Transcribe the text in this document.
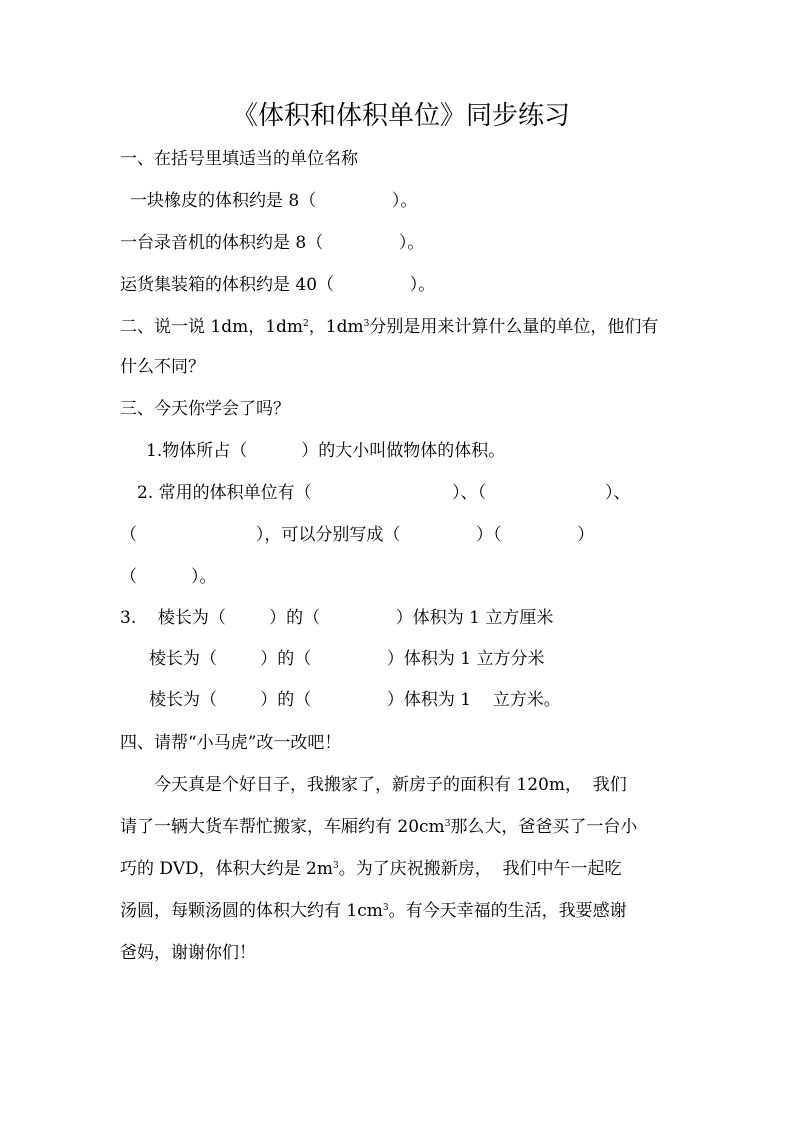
《体积和体积单位》同步练习
一、在括号里填适当的单位名称
一块橡皮的体积约是 8（              ）。
一台录音机的体积约是 8（              ）。
运货集装箱的体积约是 40（              ）。
二、说一说 1dm，$1dm^2$，$1dm^3$分别是用来计算什么量的单位，他们有
什么不同？
三、今天你学会了吗？
1.物体所占（          ）的大小叫做物体的体积。
2. 常用的体积单位有（                          ）、（                      ）、
（                      ），可以分别写成（              ）（              ）
（          ）。
3.    棱长为（        ）的（              ）体积为 1 立方厘米
棱长为（        ）的（              ）体积为 1 立方分米
棱长为（        ）的（              ）体积为 1    立方米。
四、请帮“小马虎”改一改吧！
今天真是个好日子，我搬家了，新房子的面积有 120m，  我们
请了一辆大货车帮忙搬家，车厢约有 $20cm^3$那么大，爸爸买了一台小
巧的 DVD，体积大约是 $2m^3$。为了庆祝搬新房，  我们中午一起吃
汤圆，每颗汤圆的体积大约有 $1cm^3$。有今天幸福的生活，我要感谢
爸妈，谢谢你们！
